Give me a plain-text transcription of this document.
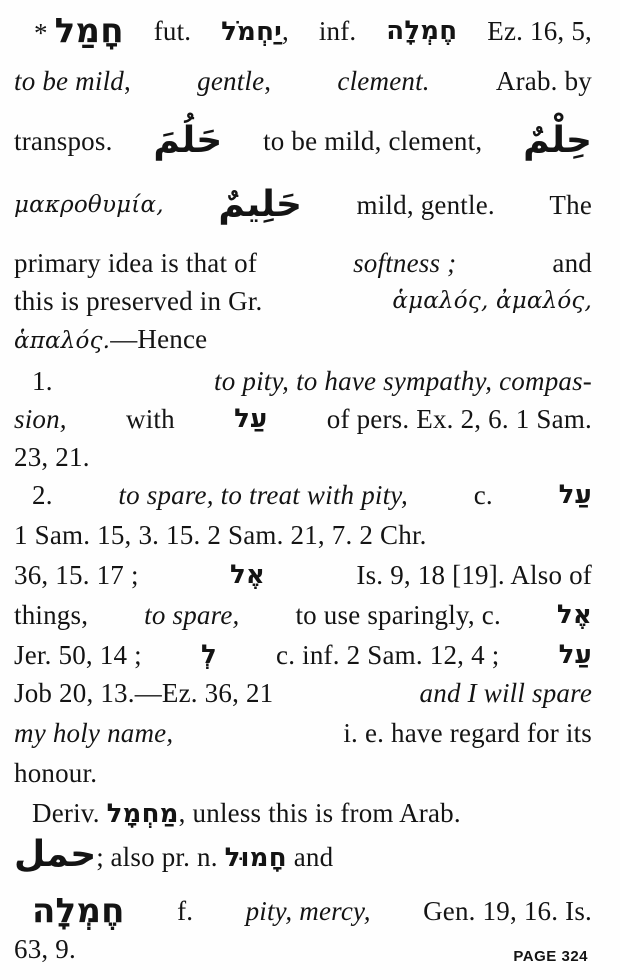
* חָמַל fut. יַחְמֹל, inf. חֶמְלָה Ez. 16, 5,
to be mild, gentle, clement. Arab. by
transpos. حَلُمَ to be mild, clement, حِلْمٌ
μακροθυμία, حَلِيمٌ mild, gentle. The
primary idea is that of	softness ;	and
this is preserved in Gr.	ἁμαλός, ἀμαλός,
ἁπαλός.—Hence
1.	to pity, to have sympathy, compas-
sion, with עַל of pers. Ex. 2, 6. 1 Sam.
23, 21.
2. to spare, to treat with pity, c.	עַל
1 Sam. 15, 3. 15. 2 Sam. 21, 7. 2 Chr.
36, 15. 17 ;	אֶל	Is. 9, 18 [19]. Also of
things, to spare, to use sparingly, c. אֶל
Jer. 50, 14 ; לְ c. inf. 2 Sam. 12, 4 ; עַל
Job 20, 13.—Ez. 36, 21	and I will spare
my holy name,	i. e. have regard for its
honour.
Deriv. מַחְמָל, unless this is from Arab.
حمل; also pr. n. חָמוּל and
חֶמְלָה f. pity, mercy, Gen. 19, 16. Is.
63, 9.	PAGE 324
